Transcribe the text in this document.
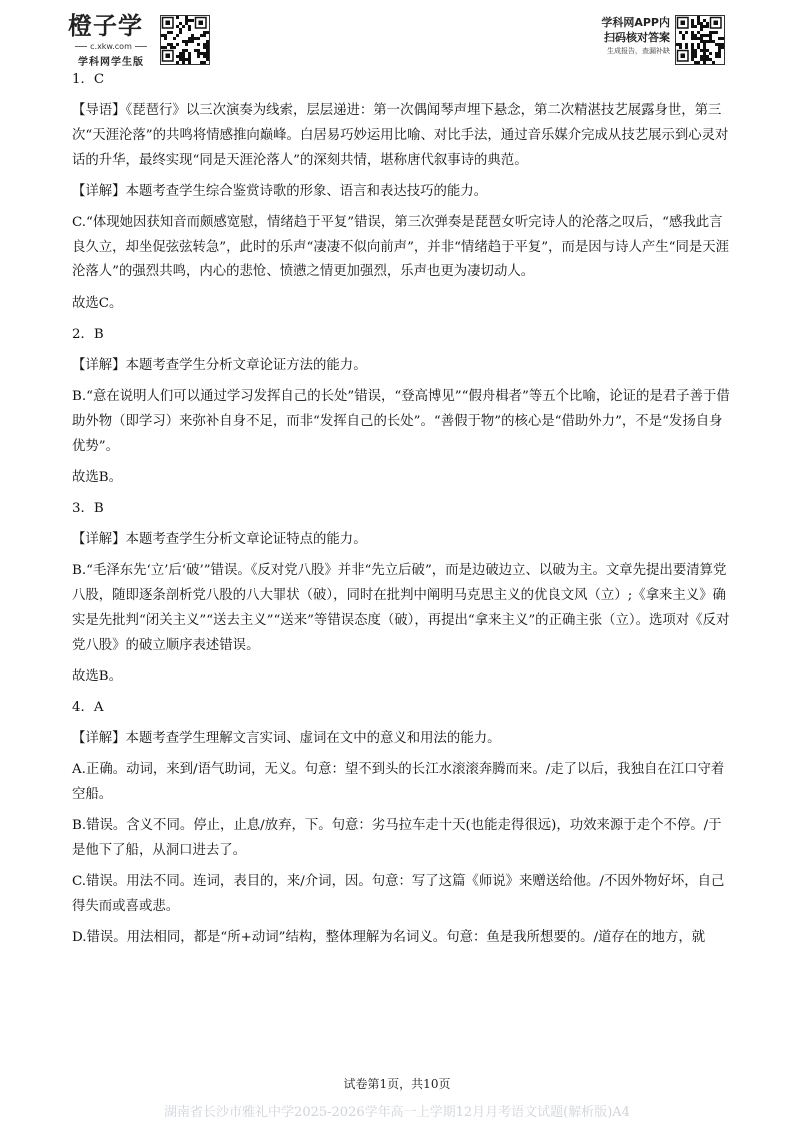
橙子学
c.xkw.com
学科网学生版
学科网APP内
扫码核对答案
生成报告，查漏补缺

1．C

【导语】《琵琶行》以三次演奏为线索，层层递进：第一次偶闻琴声埋下悬念，第二次精湛技艺展露身世，第三次“天涯沦落”的共鸣将情感推向巅峰。白居易巧妙运用比喻、对比手法，通过音乐媒介完成从技艺展示到心灵对话的升华，最终实现“同是天涯沦落人”的深刻共情，堪称唐代叙事诗的典范。

【详解】本题考查学生综合鉴赏诗歌的形象、语言和表达技巧的能力。

C.“体现她因获知音而颇感宽慰，情绪趋于平复”错误，第三次弹奏是琵琶女听完诗人的沦落之叹后，“感我此言良久立，却坐促弦弦转急”，此时的乐声“凄凄不似向前声”，并非“情绪趋于平复”，而是因与诗人产生“同是天涯沦落人”的强烈共鸣，内心的悲怆、愤懑之情更加强烈，乐声也更为凄切动人。

故选C。

2．B

【详解】本题考查学生分析文章论证方法的能力。

B.“意在说明人们可以通过学习发挥自己的长处”错误，“登高博见”“假舟楫者”等五个比喻，论证的是君子善于借助外物（即学习）来弥补自身不足，而非“发挥自己的长处”。“善假于物”的核心是“借助外力”，不是“发扬自身优势”。

故选B。

3．B

【详解】本题考查学生分析文章论证特点的能力。

B.“毛泽东先‘立’后‘破’”错误。《反对党八股》并非“先立后破”，而是边破边立、以破为主。文章先提出要清算党八股，随即逐条剖析党八股的八大罪状（破），同时在批判中阐明马克思主义的优良文风（立）;《拿来主义》确实是先批判“闭关主义”“送去主义”“送来”等错误态度（破），再提出“拿来主义”的正确主张（立）。选项对《反对党八股》的破立顺序表述错误。

故选B。

4．A

【详解】本题考查学生理解文言实词、虚词在文中的意义和用法的能力。

A.正确。动词，来到/语气助词，无义。句意：望不到头的长江水滚滚奔腾而来。/走了以后，我独自在江口守着空船。

B.错误。含义不同。停止，止息/放弃，下。句意：劣马拉车走十天(也能走得很远)，功效来源于走个不停。/于是他下了船，从洞口进去了。

C.错误。用法不同。连词，表目的，来/介词，因。句意：写了这篇《师说》来赠送给他。/不因外物好坏，自己得失而或喜或悲。

D.错误。用法相同，都是“所+动词”结构，整体理解为名词义。句意：鱼是我所想要的。/道存在的地方，就

试卷第1页，共10页
湖南省长沙市雅礼中学2025-2026学年高一上学期12月月考语文试题(解析版)A4
